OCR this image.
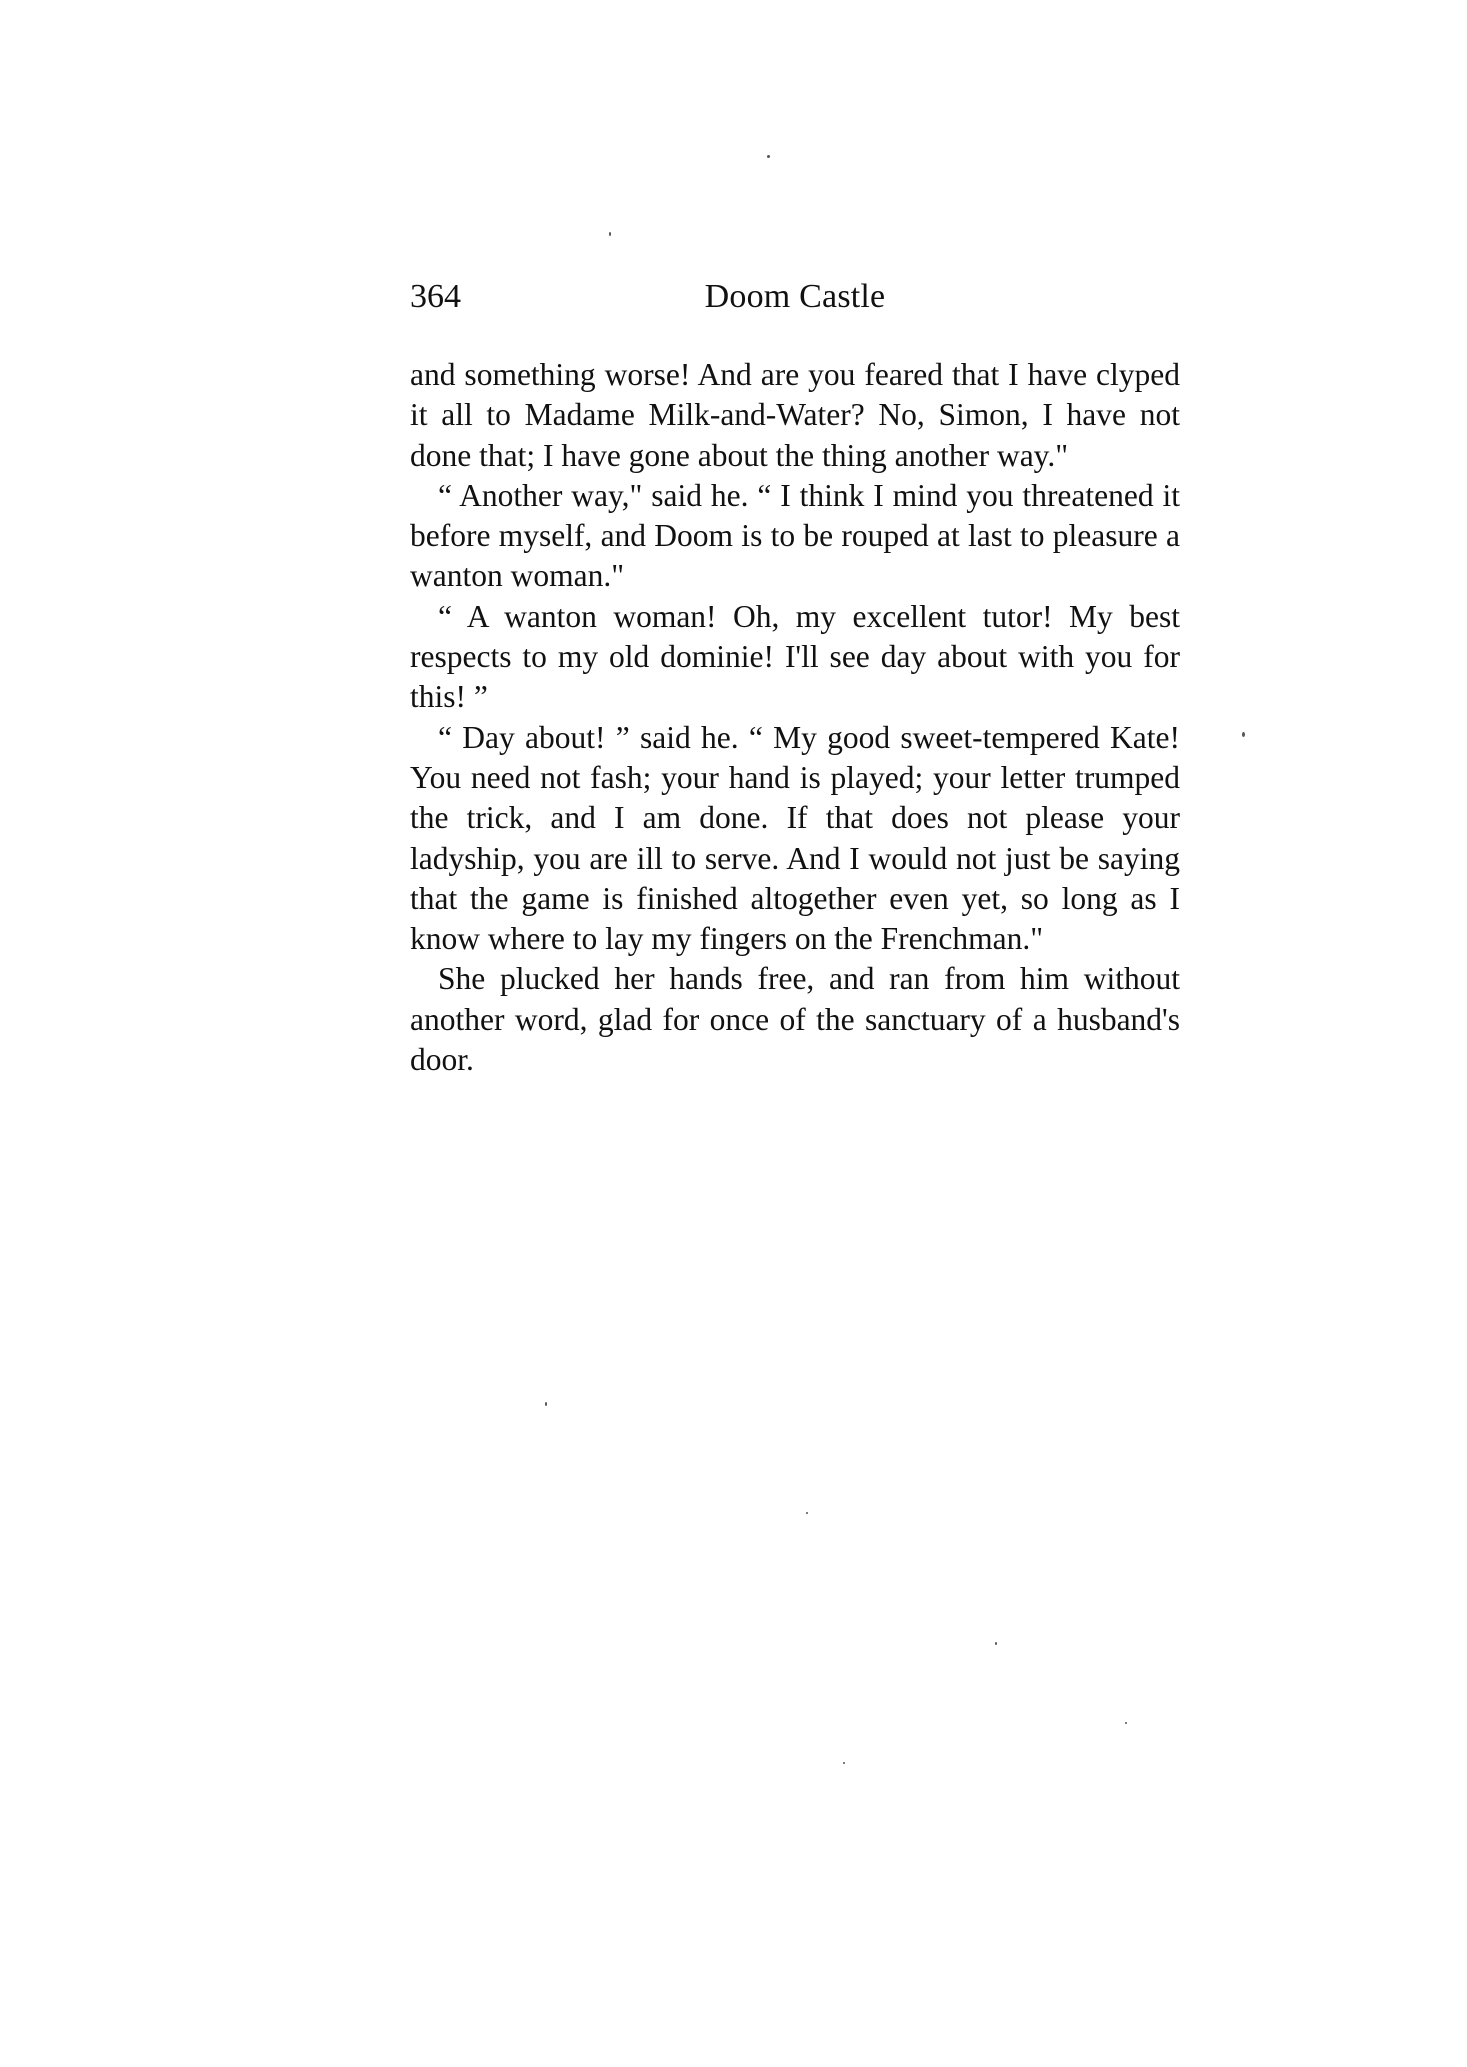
364	Doom Castle

and something worse! And are you feared that I have clyped it all to Madame Milk-and-Water? No, Simon, I have not done that; I have gone about the thing another way."

“ Another way," said he. “ I think I mind you threatened it before myself, and Doom is to be rouped at last to pleasure a wanton woman."

“ A wanton woman! Oh, my excellent tutor! My best respects to my old dominie! I'll see day about with you for this! ”

“ Day about! ” said he. “ My good sweet-tempered Kate! You need not fash; your hand is played; your letter trumped the trick, and I am done. If that does not please your ladyship, you are ill to serve. And I would not just be saying that the game is finished altogether even yet, so long as I know where to lay my fingers on the Frenchman."

She plucked her hands free, and ran from him without another word, glad for once of the sanctuary of a husband's door.
